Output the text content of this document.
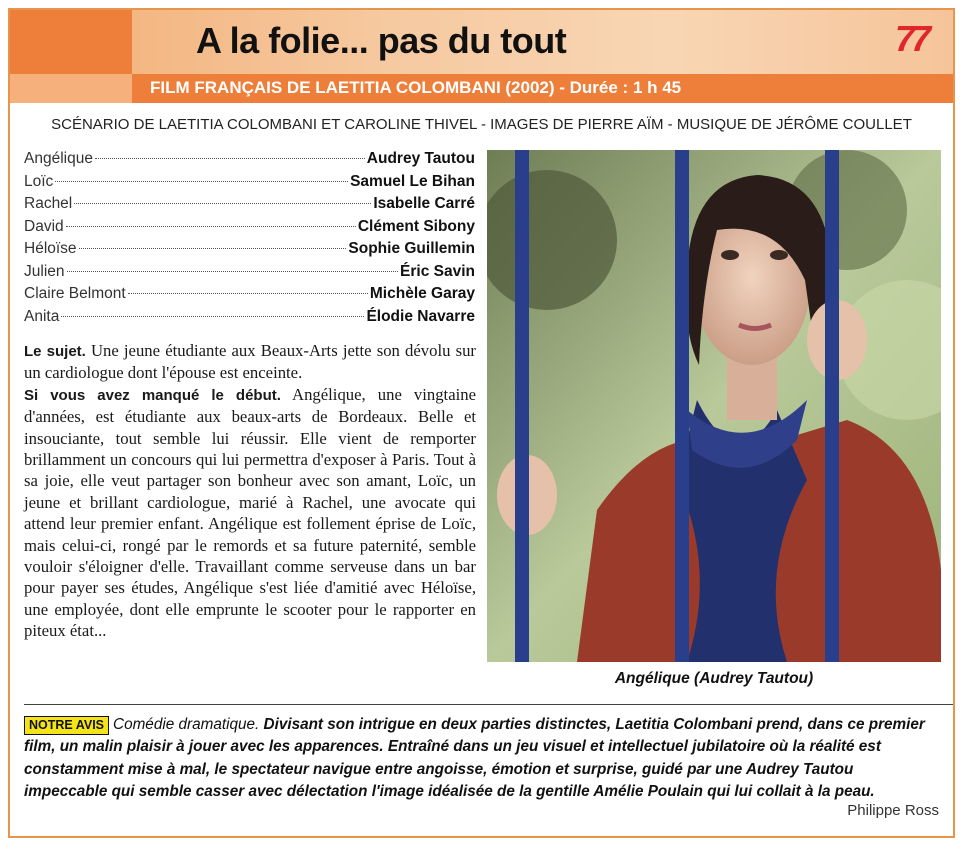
A la folie... pas du tout	77
FILM FRANÇAIS DE LAETITIA COLOMBANI (2002) - Durée : 1 h 45
SCÉNARIO DE LAETITIA COLOMBANI ET CAROLINE THIVEL - IMAGES DE PIERRE AÏM - MUSIQUE DE JÉRÔME COULLET
Angélique	Audrey Tautou
Loïc	Samuel Le Bihan
Rachel	Isabelle Carré
David	Clément Sibony
Héloïse	Sophie Guillemin
Julien	Éric Savin
Claire Belmont	Michèle Garay
Anita	Élodie Navarre

Le sujet. Une jeune étudiante aux Beaux-Arts jette son dévolu sur un cardiologue dont l'épouse est enceinte.

Si vous avez manqué le début. Angélique, une vingtaine d'années, est étudiante aux beaux-arts de Bordeaux. Belle et insouciante, tout semble lui réussir. Elle vient de remporter brillamment un concours qui lui permettra d'exposer à Paris. Tout à sa joie, elle veut partager son bonheur avec son amant, Loïc, un jeune et brillant cardiologue, marié à Rachel, une avocate qui attend leur premier enfant. Angélique est follement éprise de Loïc, mais celui-ci, rongé par le remords et sa future paternité, semble vouloir s'éloigner d'elle. Travaillant comme serveuse dans un bar pour payer ses études, Angélique s'est liée d'amitié avec Héloïse, une employée, dont elle emprunte le scooter pour le rapporter en piteux état...

Angélique (Audrey Tautou)
NOTRE AVIS Comédie dramatique. Divisant son intrigue en deux parties distinctes, Laetitia Colombani prend, dans ce premier film, un malin plaisir à jouer avec les apparences. Entraîné dans un jeu visuel et intellectuel jubilatoire où la réalité est constamment mise à mal, le spectateur navigue entre angoisse, émotion et surprise, guidé par une Audrey Tautou impeccable qui semble casser avec délectation l'image idéalisée de la gentille Amélie Poulain qui lui collait à la peau.
Philippe Ross
